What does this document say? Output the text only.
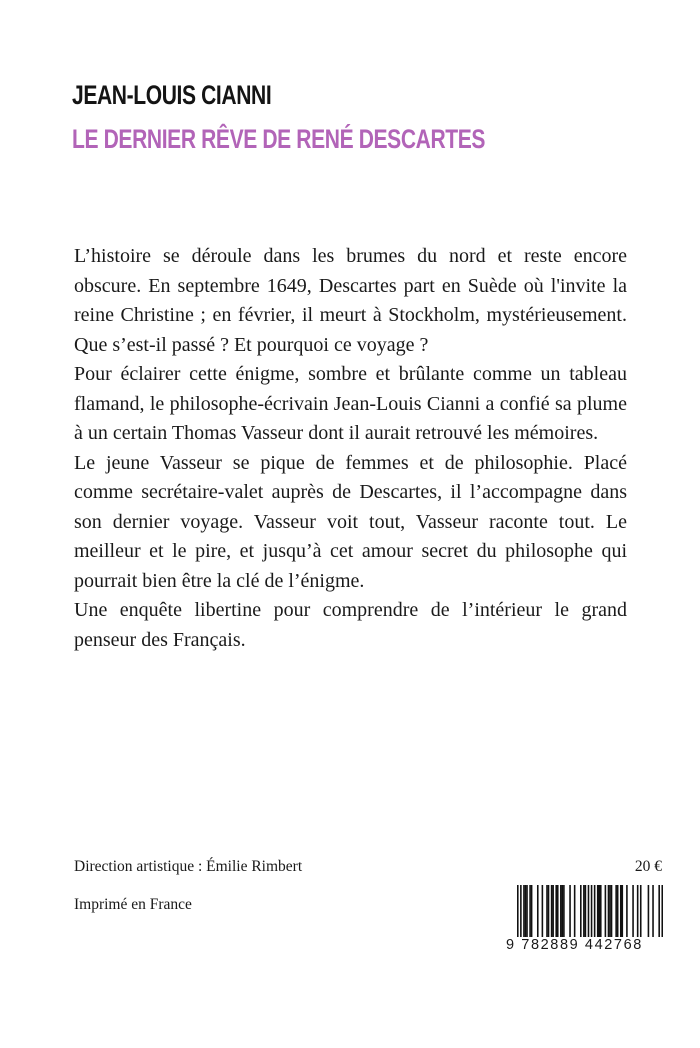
JEAN-LOUIS CIANNI
LE DERNIER RÊVE DE RENÉ DESCARTES

L’histoire se déroule dans les brumes du nord et reste encore obscure. En septembre 1649, Descartes part en Suède où l'invite la reine Christine ; en février, il meurt à Stockholm, mystérieusement. Que s’est-il passé ? Et pourquoi ce voyage ?

Pour éclairer cette énigme, sombre et brûlante comme un tableau flamand, le philosophe-écrivain Jean-Louis Cianni a confié sa plume à un certain Thomas Vasseur dont il aurait retrouvé les mémoires.

Le jeune Vasseur se pique de femmes et de philosophie. Placé comme secrétaire-valet auprès de Descartes, il l’accompagne dans son dernier voyage. Vasseur voit tout, Vasseur raconte tout. Le meilleur et le pire, et jusqu’à cet amour secret du philosophe qui pourrait bien être la clé de l’énigme.

Une enquête libertine pour comprendre de l’intérieur le grand penseur des Français.

Direction artistique : Émilie Rimbert

Imprimé en France

20 €

9 782889 442768
